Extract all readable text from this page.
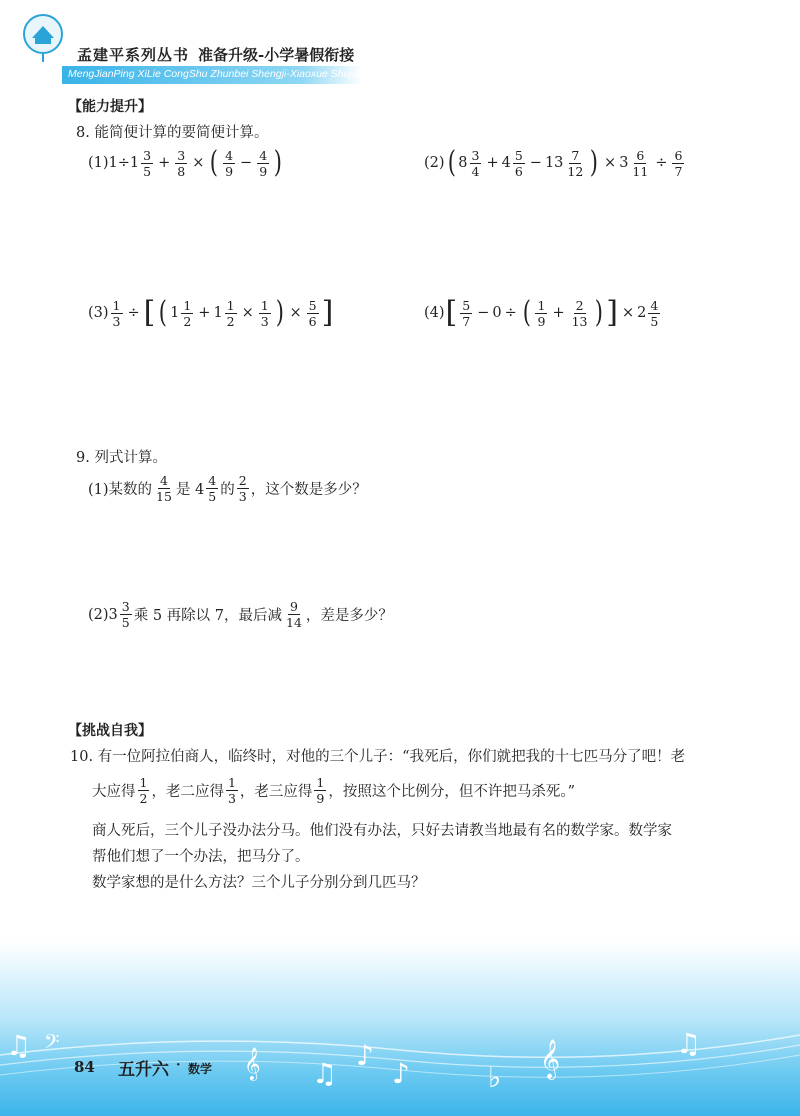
孟建平系列丛书 准备升级-小学暑假衔接
MengJianPing XiLie CongShu Zhunbei Shengji-Xiaoxue Shujia Xianjie
【能力提升】
8. 能简便计算的要简便计算。
(1) $1\div 1 \frac{3}{5} + \frac{3}{8}$ × ( $\frac{4}{9} - \frac{4}{9}$ )	(2) ( $8 \frac{3}{4} + 4 \frac{5}{6} - 13 \frac{7}{12}$ ) × $3 \frac{6}{11} \div \frac{6}{7}$
$(3) \frac{1}{3}$ ÷ [ ( $1 \frac{1}{2} + 1 \frac{1}{2} \times \frac{1}{3}$ ) × $\frac{5}{6}$ ]	(4) [ $\frac{5}{7} - 0$ ÷ ( $\frac{1}{9} + \frac{2}{13}$ ) ] × $2 \frac{4}{5}$
9. 列式计算。
(1)某数的 $\frac{4}{15}$ 是 $4 \frac{4}{5}$ 的 $\frac{2}{3}$ ，这个数是多少？
$(2)3 \frac{3}{5}$ 乘 5 再除以 7，最后减 $\frac{9}{14}$ ，差是多少？
【挑战自我】
10. 有一位阿拉伯商人，临终时，对他的三个儿子：“我死后，你们就把我的十七匹马分了吧！老
大应得 $\frac{1}{2}$ ，老二应得 $\frac{1}{3}$ ，老三应得 $\frac{1}{9}$ ，按照这个比例分，但不许把马杀死。”
商人死后，三个儿子没办法分马。他们没有办法，只好去请教当地最有名的数学家。数学家
帮他们想了一个办法，把马分了。
数学家想的是什么方法？三个儿子分别分到几匹马？
♫ 𝄢
𝄞 ♫
♪
♪	♭ 𝄞	♫
84 五升六 · 数学
